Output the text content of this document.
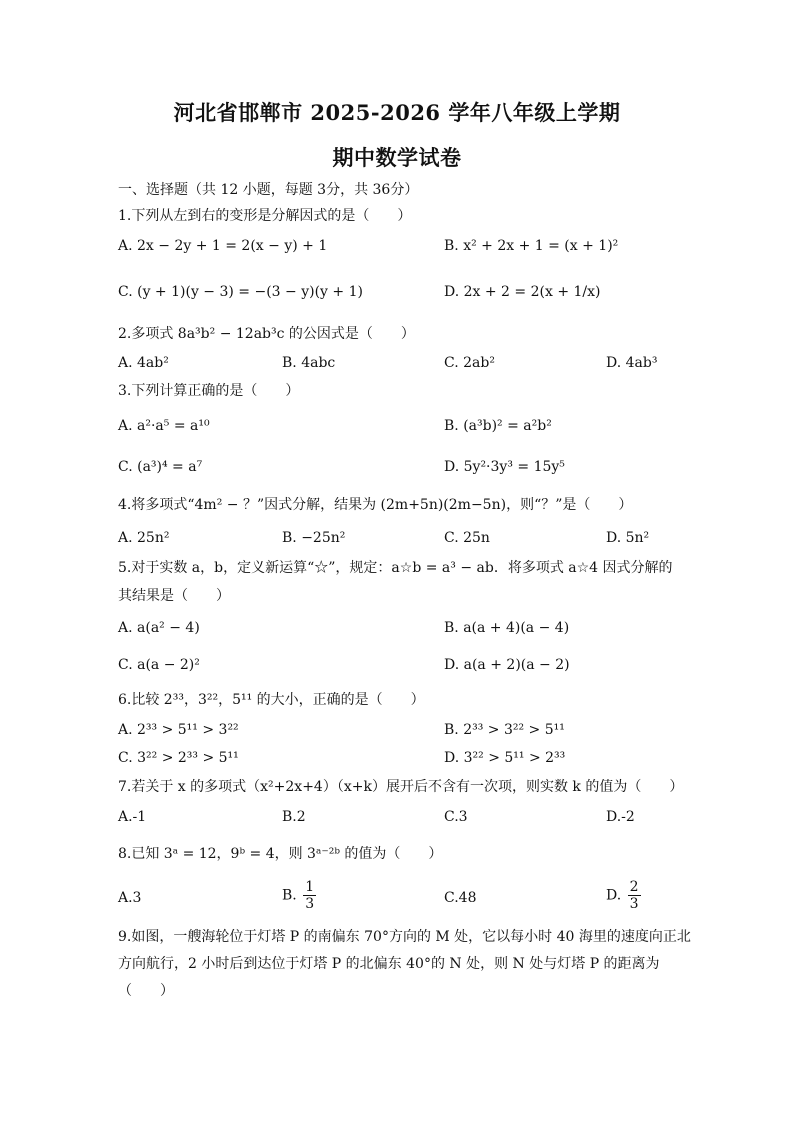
河北省邯郸市 2025-2026 学年八年级上学期
期中数学试卷
一、选择题（共 12 小题，每题 3分，共 36分）
1.下列从左到右的变形是分解因式的是（　　）
A. 2x − 2y + 1 = 2(x − y) + 1	B. x² + 2x + 1 = (x + 1)²
C. (y + 1)(y − 3) = −(3 − y)(y + 1)	D. 2x + 2 = 2(x + 1/x)
2.多项式 8a³b² − 12ab³c 的公因式是（　　）
A. 4ab²	B. 4abc	C. 2ab²	D. 4ab³
3.下列计算正确的是（　　）
A. a²·a⁵ = a¹⁰	B. (a³b)² = a²b²
C. (a³)⁴ = a⁷	D. 5y²·3y³ = 15y⁵
4.将多项式“4m² − ？”因式分解，结果为 (2m+5n)(2m−5n)，则“？”是（　　）
A. 25n²	B. −25n²	C. 25n	D. 5n²
5.对于实数 a，b，定义新运算“☆”，规定：a☆b = a³ − ab．将多项式 a☆4 因式分解的
其结果是（　　）
A. a(a² − 4)	B. a(a + 4)(a − 4)
C. a(a − 2)²	D. a(a + 2)(a − 2)
6.比较 2³³，3²²，5¹¹ 的大小，正确的是（　　）
A. 2³³ > 5¹¹ > 3²²	B. 2³³ > 3²² > 5¹¹
C. 3²² > 2³³ > 5¹¹	D. 3²² > 5¹¹ > 2³³
7.若关于 x 的多项式（x²+2x+4）（x+k）展开后不含有一次项，则实数 k 的值为（　　）
A.-1	B.2	C.3	D.-2
8.已知 3ᵃ = 12，9ᵇ = 4，则 3ᵃ⁻²ᵇ 的值为（　　）
A.3	B. $\frac{1}{3}$	C.48	D. $\frac{2}{3}$
9.如图，一艘海轮位于灯塔 P 的南偏东 70°方向的 M 处，它以每小时 40 海里的速度向正北
方向航行，2 小时后到达位于灯塔 P 的北偏东 40°的 N 处，则 N 处与灯塔 P 的距离为
（　　）
